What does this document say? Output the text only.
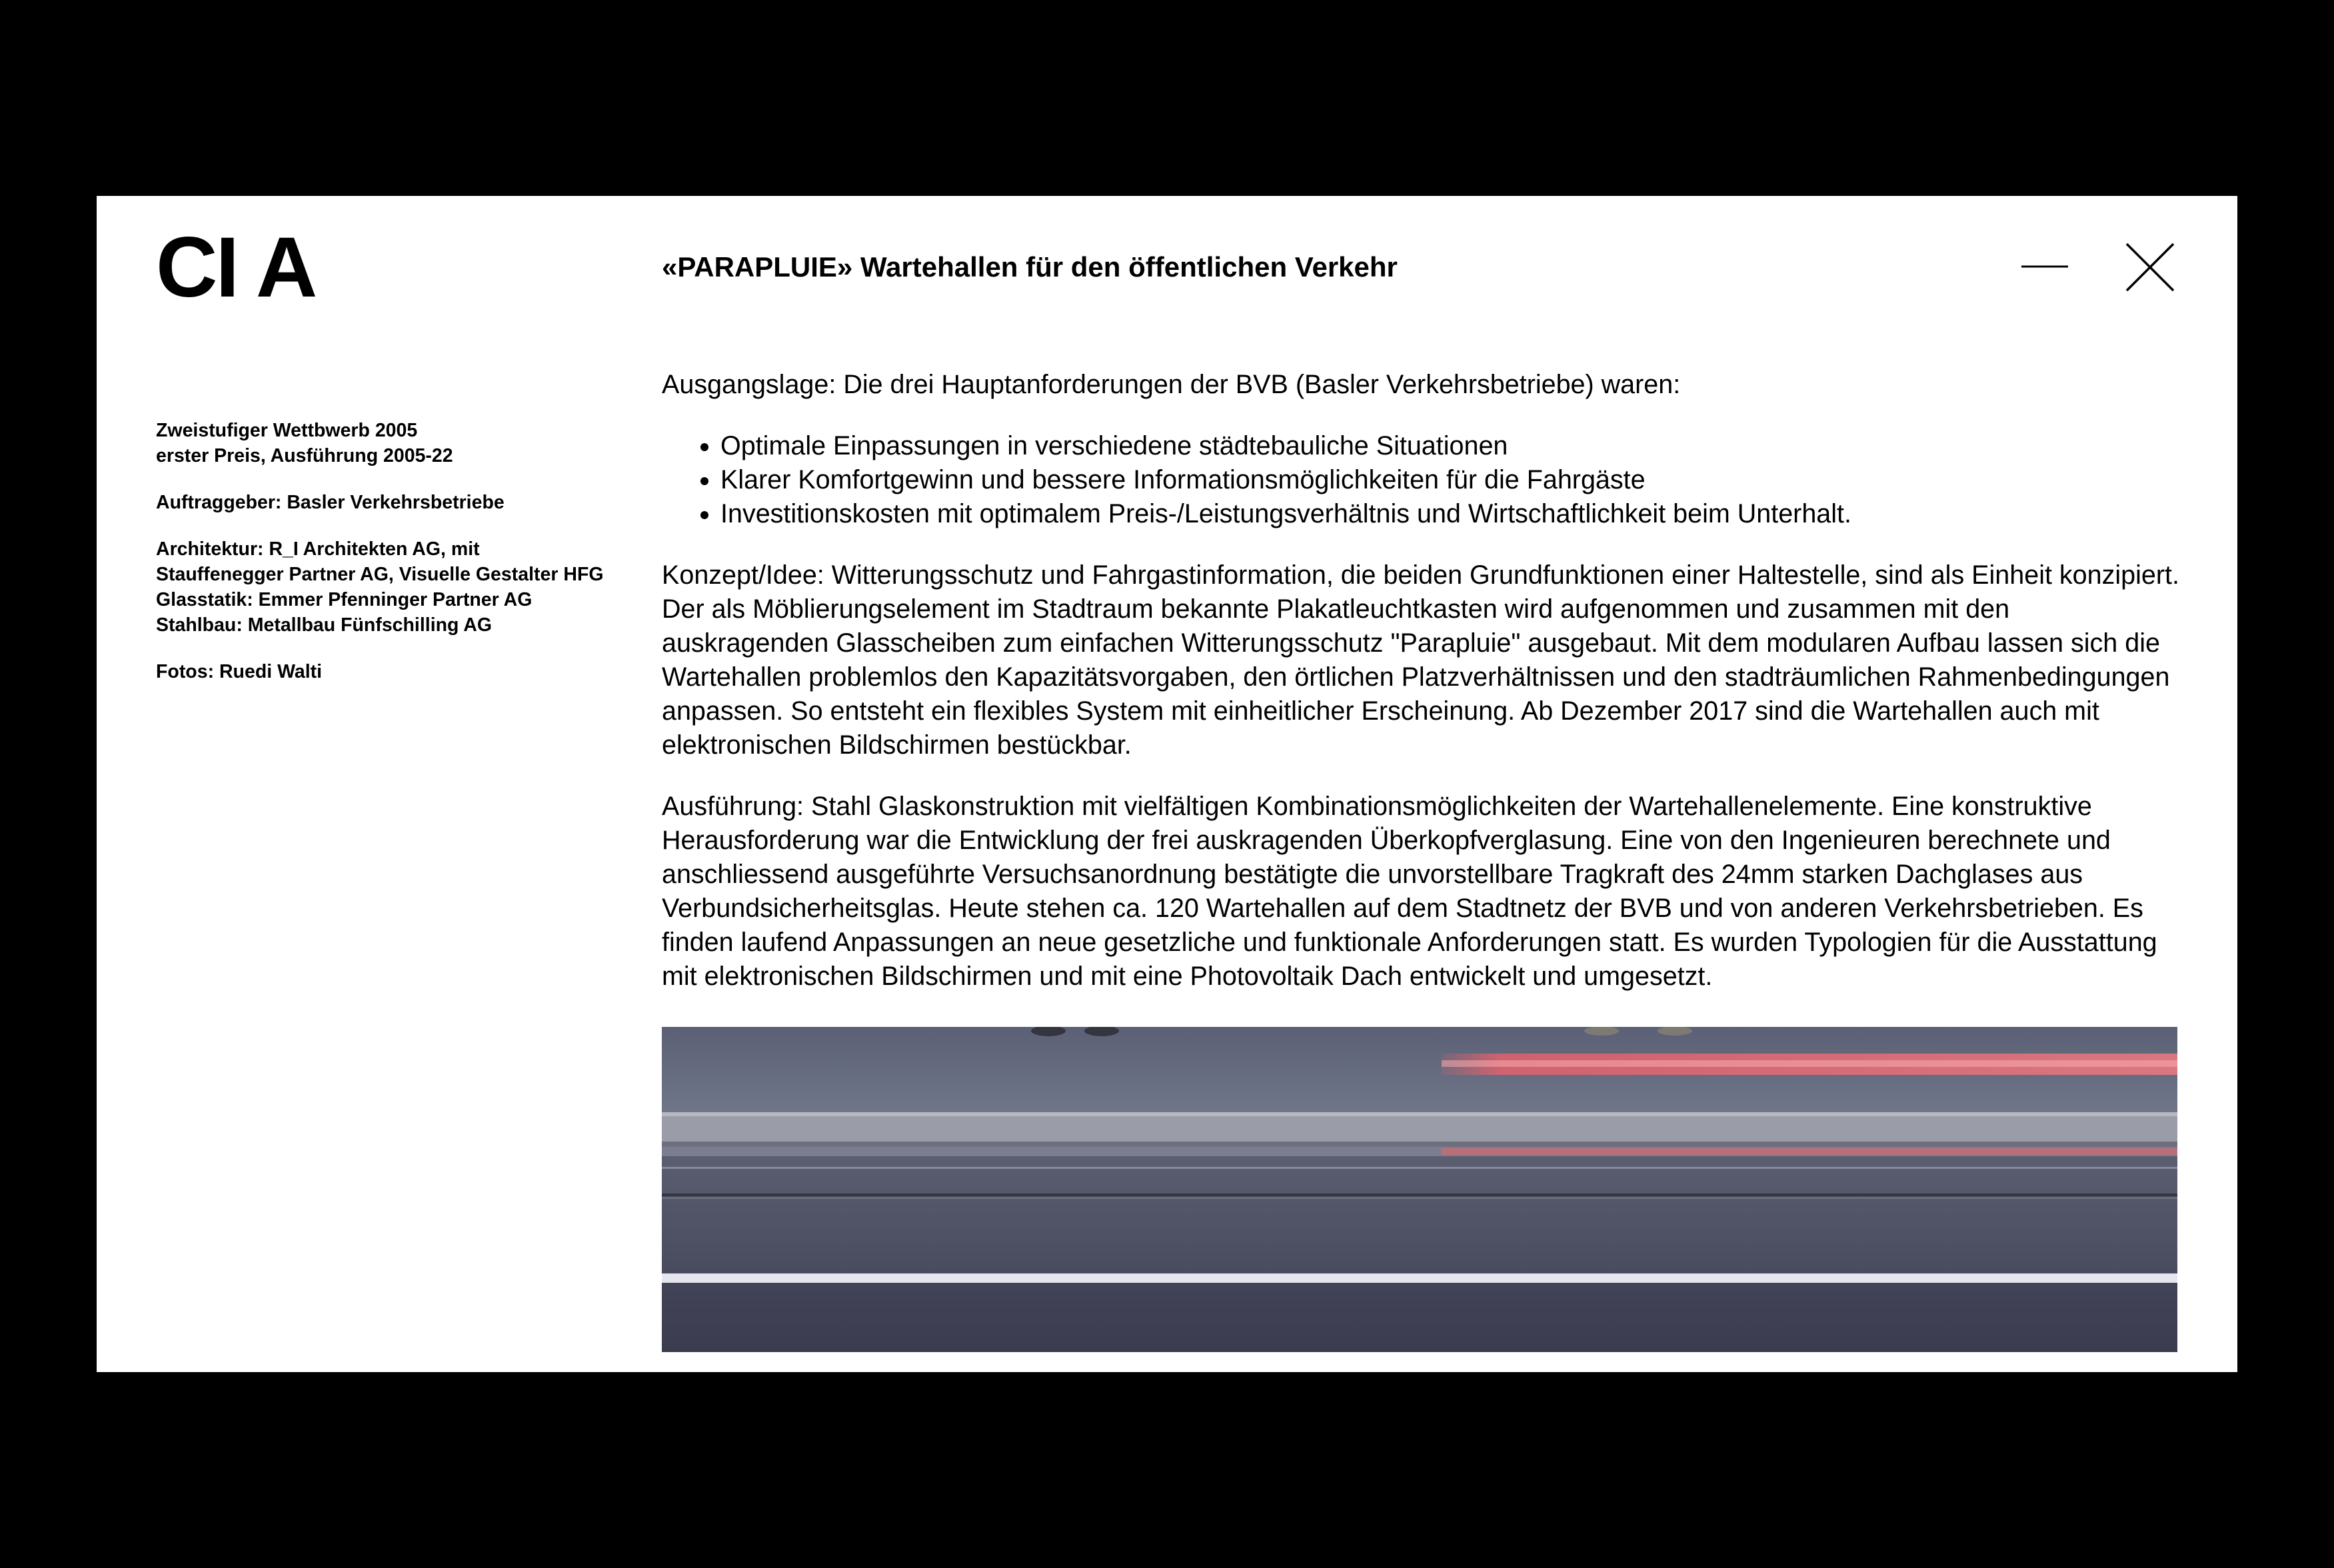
CI A	«PARAPLUIE» Wartehallen für den öffentlichen Verkehr

Zweistufiger Wettbwerb 2005
erster Preis, Ausführung 2005-22

Auftraggeber: Basler Verkehrsbetriebe

Architektur: R_I Architekten AG, mit
Stauffenegger Partner AG, Visuelle Gestalter HFG
Glasstatik: Emmer Pfenninger Partner AG
Stahlbau: Metallbau Fünfschilling AG

Fotos: Ruedi Walti

Ausgangslage: Die drei Hauptanforderungen der BVB (Basler Verkehrsbetriebe) waren:

• Optimale Einpassungen in verschiedene städtebauliche Situationen
• Klarer Komfortgewinn und bessere Informationsmöglichkeiten für die Fahrgäste
• Investitionskosten mit optimalem Preis-/Leistungsverhältnis und Wirtschaftlichkeit beim Unterhalt.

Konzept/Idee: Witterungsschutz und Fahrgastinformation, die beiden Grundfunktionen einer Haltestelle, sind als Einheit konzipiert. Der als Möblierungselement im Stadtraum bekannte Plakatleuchtkasten wird aufgenommen und zusammen mit den auskragenden Glasscheiben zum einfachen Witterungsschutz "Parapluie" ausgebaut. Mit dem modularen Aufbau lassen sich die Wartehallen problemlos den Kapazitätsvorgaben, den örtlichen Platzverhältnissen und den stadträumlichen Rahmenbedingungen anpassen. So entsteht ein flexibles System mit einheitlicher Erscheinung. Ab Dezember 2017 sind die Wartehallen auch mit elektronischen Bildschirmen bestückbar.

Ausführung: Stahl Glaskonstruktion mit vielfältigen Kombinationsmöglichkeiten der Wartehallenelemente. Eine konstruktive Herausforderung war die Entwicklung der frei auskragenden Überkopfverglasung. Eine von den Ingenieuren berechnete und anschliessend ausgeführte Versuchsanordnung bestätigte die unvorstellbare Tragkraft des 24mm starken Dachglases aus Verbundsicherheitsglas. Heute stehen ca. 120 Wartehallen auf dem Stadtnetz der BVB und von anderen Verkehrsbetrieben. Es finden laufend Anpassungen an neue gesetzliche und funktionale Anforderungen statt. Es wurden Typologien für die Ausstattung mit elektronischen Bildschirmen und mit eine Photovoltaik Dach entwickelt und umgesetzt.
